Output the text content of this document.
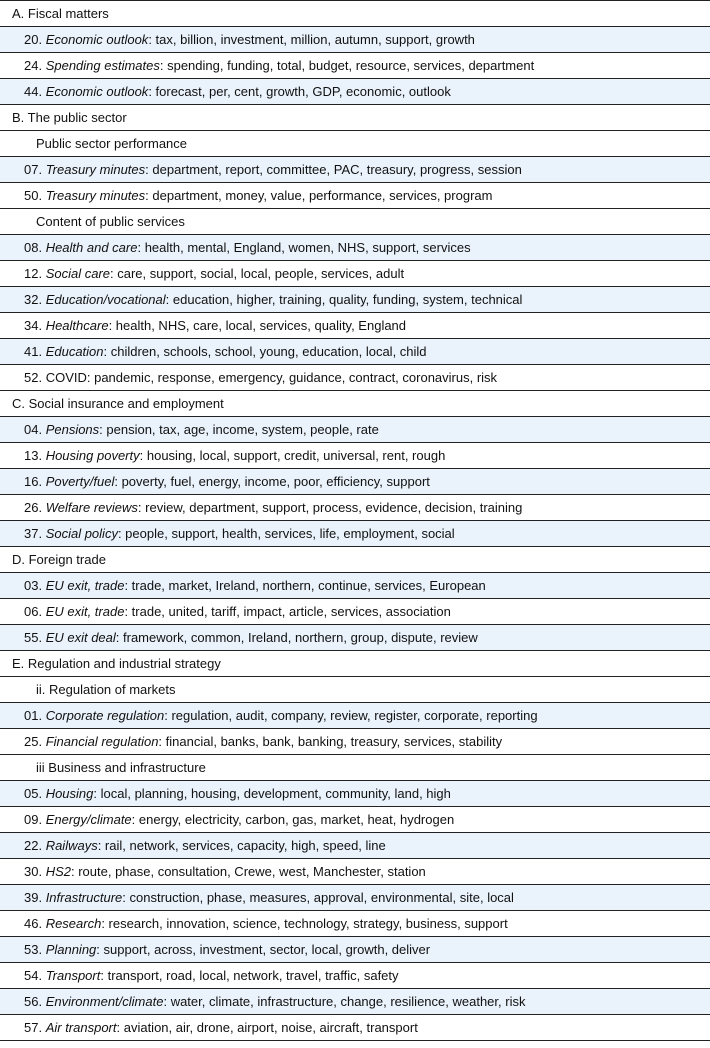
A. Fiscal matters
20. Economic outlook : tax, billion, investment, million, autumn, support, growth
24. Spending estimates : spending, funding, total, budget, resource, services, department
44. Economic outlook : forecast, per, cent, growth, GDP, economic, outlook
B. The public sector
Public sector performance
07. Treasury minutes : department, report, committee, PAC, treasury, progress, session
50. Treasury minutes : department, money, value, performance, services, program
Content of public services
08. Health and care : health, mental, England, women, NHS, support, services
12. Social care : care, support, social, local, people, services, adult
32. Education/vocational : education, higher, training, quality, funding, system, technical
34. Healthcare : health, NHS, care, local, services, quality, England
41. Education : children, schools, school, young, education, local, child
52. COVID : pandemic, response, emergency, guidance, contract, coronavirus, risk
C. Social insurance and employment
04. Pensions : pension, tax, age, income, system, people, rate
13. Housing poverty : housing, local, support, credit, universal, rent, rough
16. Poverty/fuel : poverty, fuel, energy, income, poor, efficiency, support
26. Welfare reviews : review, department, support, process, evidence, decision, training
37. Social policy : people, support, health, services, life, employment, social
D. Foreign trade
03. EU exit, trade : trade, market, Ireland, northern, continue, services, European
06. EU exit, trade : trade, united, tariff, impact, article, services, association
55. EU exit deal : framework, common, Ireland, northern, group, dispute, review
E. Regulation and industrial strategy
ii. Regulation of markets
01. Corporate regulation : regulation, audit, company, review, register, corporate, reporting
25. Financial regulation : financial, banks, bank, banking, treasury, services, stability
iii Business and infrastructure
05. Housing : local, planning, housing, development, community, land, high
09. Energy/climate : energy, electricity, carbon, gas, market, heat, hydrogen
22. Railways : rail, network, services, capacity, high, speed, line
30. HS2 : route, phase, consultation, Crewe, west, Manchester, station
39. Infrastructure : construction, phase, measures, approval, environmental, site, local
46. Research : research, innovation, science, technology, strategy, business, support
53. Planning : support, across, investment, sector, local, growth, deliver
54. Transport : transport, road, local, network, travel, traffic, safety
56. Environment/climate : water, climate, infrastructure, change, resilience, weather, risk
57. Air transport : aviation, air, drone, airport, noise, aircraft, transport
